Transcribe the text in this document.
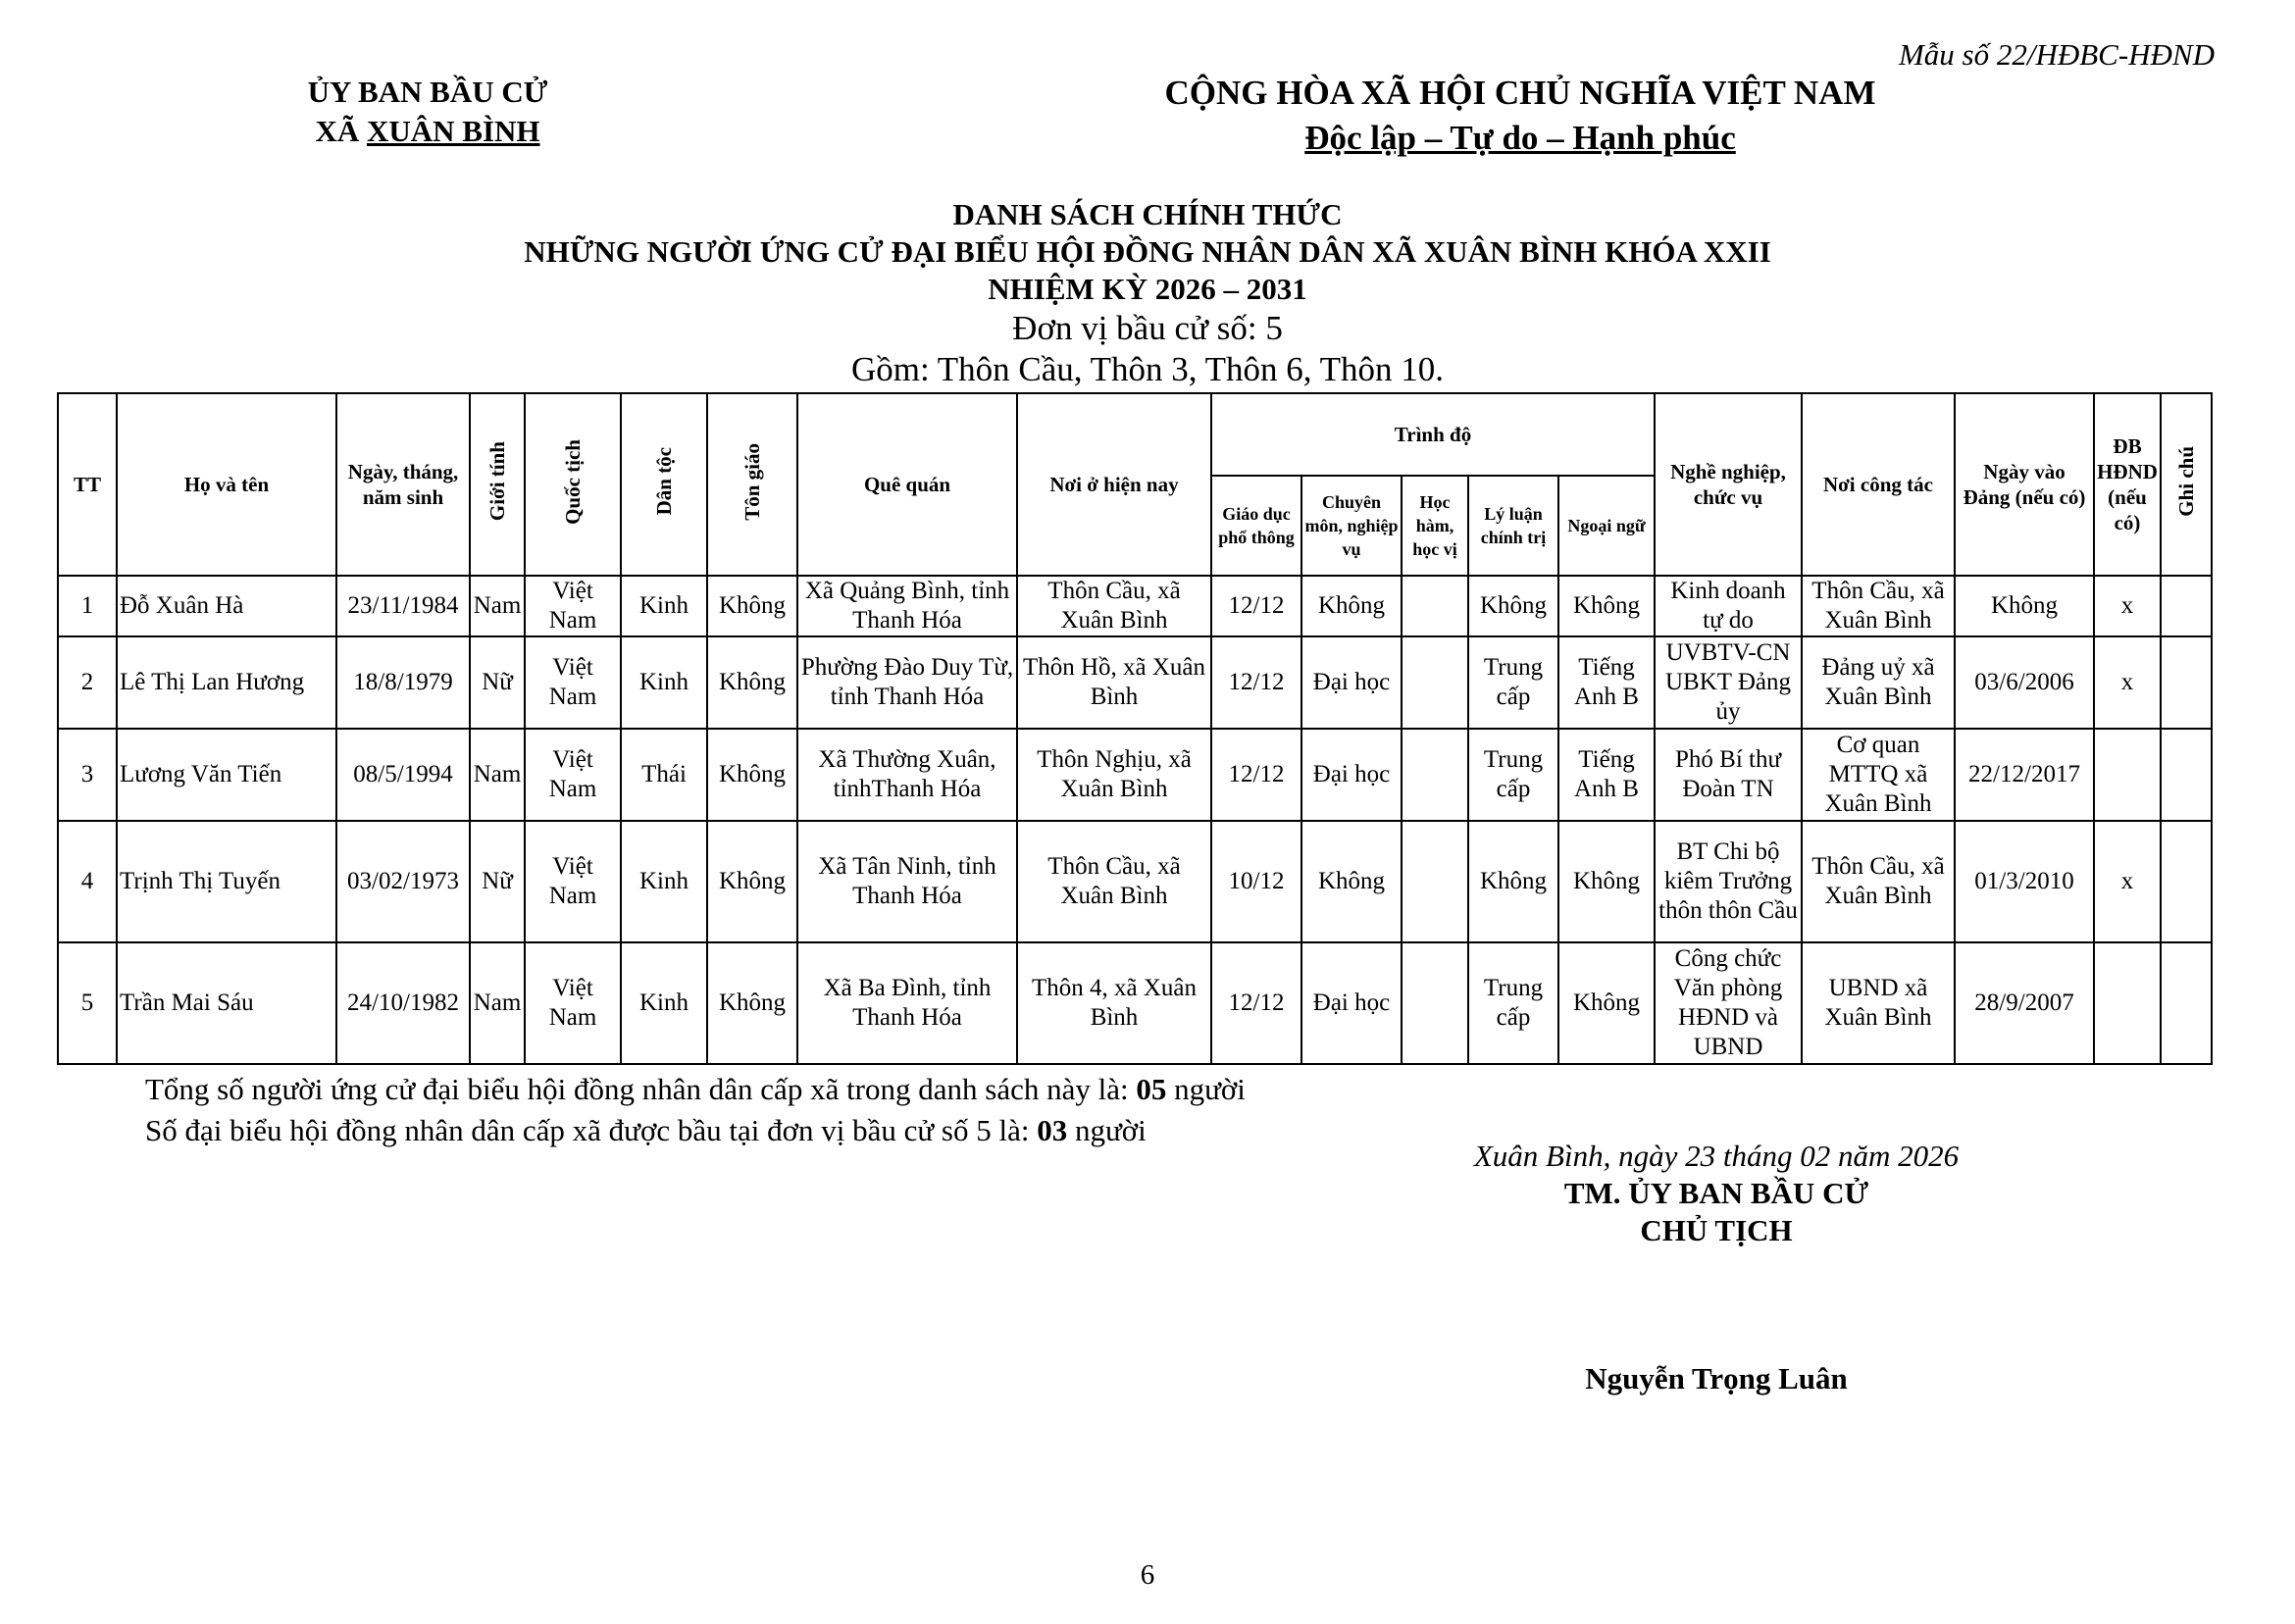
Mẫu số 22/HĐBC-HĐND
ỦY BAN BẦU CỬ
XÃ XUÂN BÌNH
CỘNG HÒA XÃ HỘI CHỦ NGHĨA VIỆT NAM
Độc lập – Tự do – Hạnh phúc
DANH SÁCH CHÍNH THỨC
NHỮNG NGƯỜI ỨNG CỬ ĐẠI BIỂU HỘI ĐỒNG NHÂN DÂN XÃ XUÂN BÌNH KHÓA XXII
NHIỆM KỲ 2026 – 2031
Đơn vị bầu cử số: 5
Gồm: Thôn Cầu, Thôn 3, Thôn 6, Thôn 10.
TT	Họ và tên	Ngày, tháng, năm sinh	Giới tính	Quốc tịch	Dân tộc	Tôn giáo	Quê quán	Nơi ở hiện nay	Trình độ					Nghề nghiệp, chức vụ	Nơi công tác	Ngày vào Đảng (nếu có)	ĐB HĐND (nếu có)	Ghi chú
									Giáo dục phổ thông	Chuyên môn, nghiệp vụ	Học hàm, học vị	Lý luận chính trị	Ngoại ngữ					
1	Đỗ Xuân Hà	23/11/1984	Nam	Việt Nam	Kinh	Không	Xã Quảng Bình, tỉnh Thanh Hóa	Thôn Cầu, xã Xuân Bình	12/12	Không		Không	Không	Kinh doanh tự do	Thôn Cầu, xã Xuân Bình	Không	x	
2	Lê Thị Lan Hương	18/8/1979	Nữ	Việt Nam	Kinh	Không	Phường Đào Duy Từ, tỉnh Thanh Hóa	Thôn Hồ, xã Xuân Bình	12/12	Đại học		Trung cấp	Tiếng Anh B	UVBTV-CN UBKT Đảng ủy	Đảng uỷ xã Xuân Bình	03/6/2006	x	
3	Lương Văn Tiến	08/5/1994	Nam	Việt Nam	Thái	Không	Xã Thường Xuân, tỉnhThanh Hóa	Thôn Nghịu, xã Xuân Bình	12/12	Đại học		Trung cấp	Tiếng Anh B	Phó Bí thư Đoàn TN	Cơ quan MTTQ xã Xuân Bình	22/12/2017		
4	Trịnh Thị Tuyến	03/02/1973	Nữ	Việt Nam	Kinh	Không	Xã Tân Ninh, tỉnh Thanh Hóa	Thôn Cầu, xã Xuân Bình	10/12	Không		Không	Không	BT Chi bộ kiêm Trưởng thôn thôn Cầu	Thôn Cầu, xã Xuân Bình	01/3/2010	x	
5	Trần Mai Sáu	24/10/1982	Nam	Việt Nam	Kinh	Không	Xã Ba Đình, tỉnh Thanh Hóa	Thôn 4, xã Xuân Bình	12/12	Đại học		Trung cấp	Không	Công chức Văn phòng HĐND và UBND	UBND xã Xuân Bình	28/9/2007		
Tổng số người ứng cử đại biểu hội đồng nhân dân cấp xã trong danh sách này là: 05 người
Số đại biểu hội đồng nhân dân cấp xã được bầu tại đơn vị bầu cử số 5 là: 03 người
Xuân Bình, ngày 23 tháng 02 năm 2026
TM. ỦY BAN BẦU CỬ
CHỦ TỊCH
Nguyễn Trọng Luân
6
